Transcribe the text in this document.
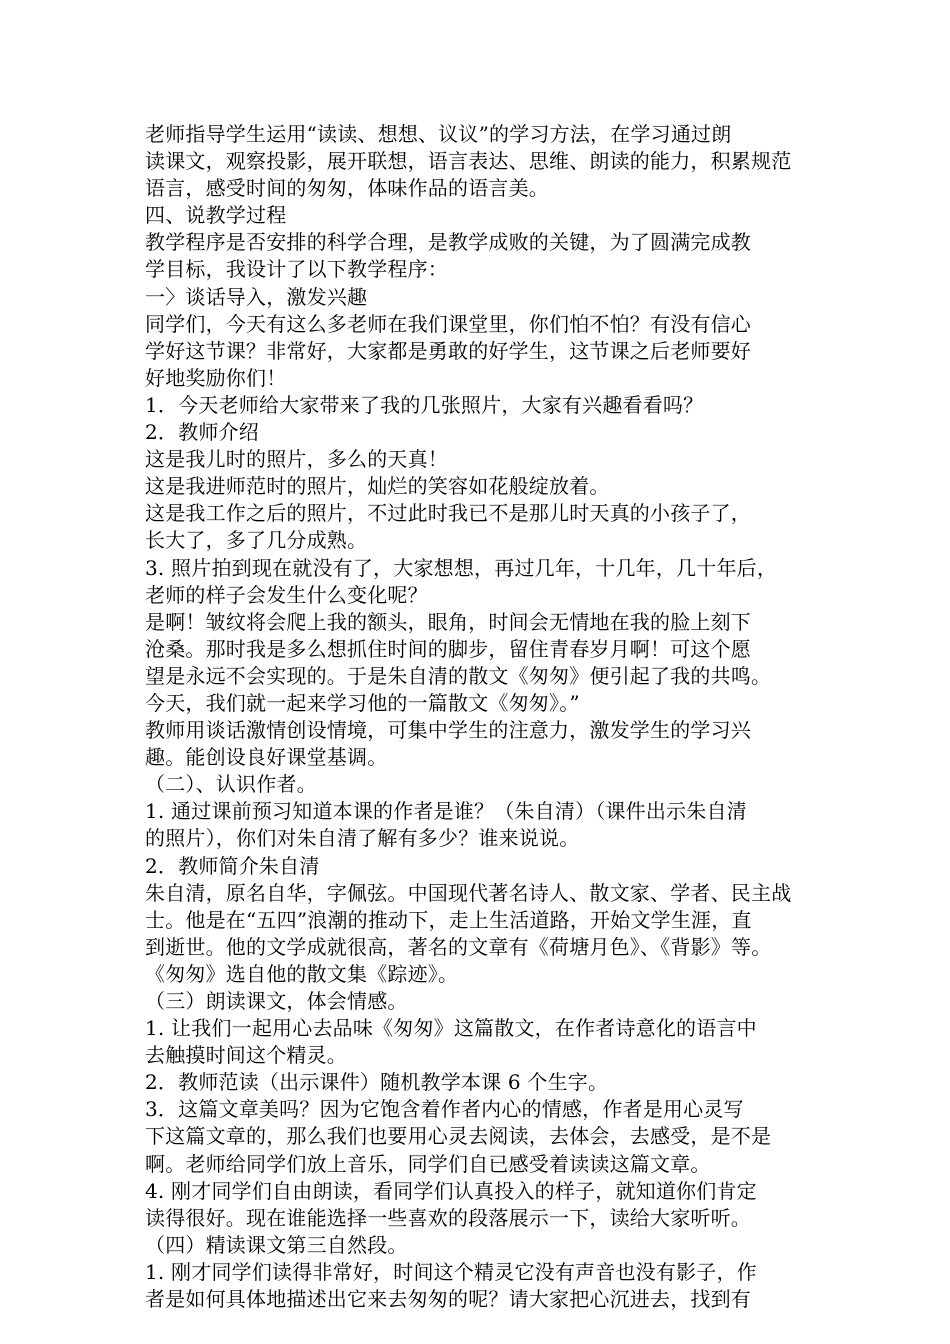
老师指导学生运用“读读、想想、议议”的学习方法，在学习通过朗

读课文，观察投影，展开联想，语言表达、思维、朗读的能力，积累规范

语言，感受时间的匆匆，体味作品的语言美。

四、说教学过程

教学程序是否安排的科学合理，是教学成败的关键，为了圆满完成教

学目标，我设计了以下教学程序：

一〉谈话导入，激发兴趣

同学们，今天有这么多老师在我们课堂里，你们怕不怕？有没有信心

学好这节课？非常好，大家都是勇敢的好学生，这节课之后老师要好

好地奖励你们！

1．今天老师给大家带来了我的几张照片，大家有兴趣看看吗？

2．教师介绍

这是我儿时的照片，多么的天真！

这是我进师范时的照片，灿烂的笑容如花般绽放着。

这是我工作之后的照片，不过此时我已不是那儿时天真的小孩子了，

长大了，多了几分成熟。

3. 照片拍到现在就没有了，大家想想，再过几年，十几年，几十年后，

老师的样子会发生什么变化呢？

是啊！皱纹将会爬上我的额头，眼角，时间会无情地在我的脸上刻下

沧桑。那时我是多么想抓住时间的脚步，留住青春岁月啊！可这个愿

望是永远不会实现的。于是朱自清的散文《匆匆》便引起了我的共鸣。

今天，我们就一起来学习他的一篇散文《匆匆》。”

教师用谈话激情创设情境，可集中学生的注意力，激发学生的学习兴

趣。能创设良好课堂基调。

（二）、认识作者。

1. 通过课前预习知道本课的作者是谁？（朱自清）（课件出示朱自清

的照片），你们对朱自清了解有多少？谁来说说。

2．教师简介朱自清

朱自清，原名自华，字佩弦。中国现代著名诗人、散文家、学者、民主战

士。他是在“五四”浪潮的推动下，走上生活道路，开始文学生涯，直

到逝世。他的文学成就很高，著名的文章有《荷塘月色》、《背影》等。

《匆匆》选自他的散文集《踪迹》。

（三）朗读课文，体会情感。

1. 让我们一起用心去品味《匆匆》这篇散文，在作者诗意化的语言中

去触摸时间这个精灵。

2．教师范读（出示课件）随机教学本课 6 个生字。

3．这篇文章美吗？因为它饱含着作者内心的情感，作者是用心灵写

下这篇文章的，那么我们也要用心灵去阅读，去体会，去感受，是不是

啊。老师给同学们放上音乐，同学们自已感受着读读这篇文章。

4. 刚才同学们自由朗读，看同学们认真投入的样子，就知道你们肯定

读得很好。现在谁能选择一些喜欢的段落展示一下，读给大家听听。

（四）精读课文第三自然段。

1. 刚才同学们读得非常好，时间这个精灵它没有声音也没有影子，作

者是如何具体地描述出它来去匆匆的呢？请大家把心沉进去，找到有
